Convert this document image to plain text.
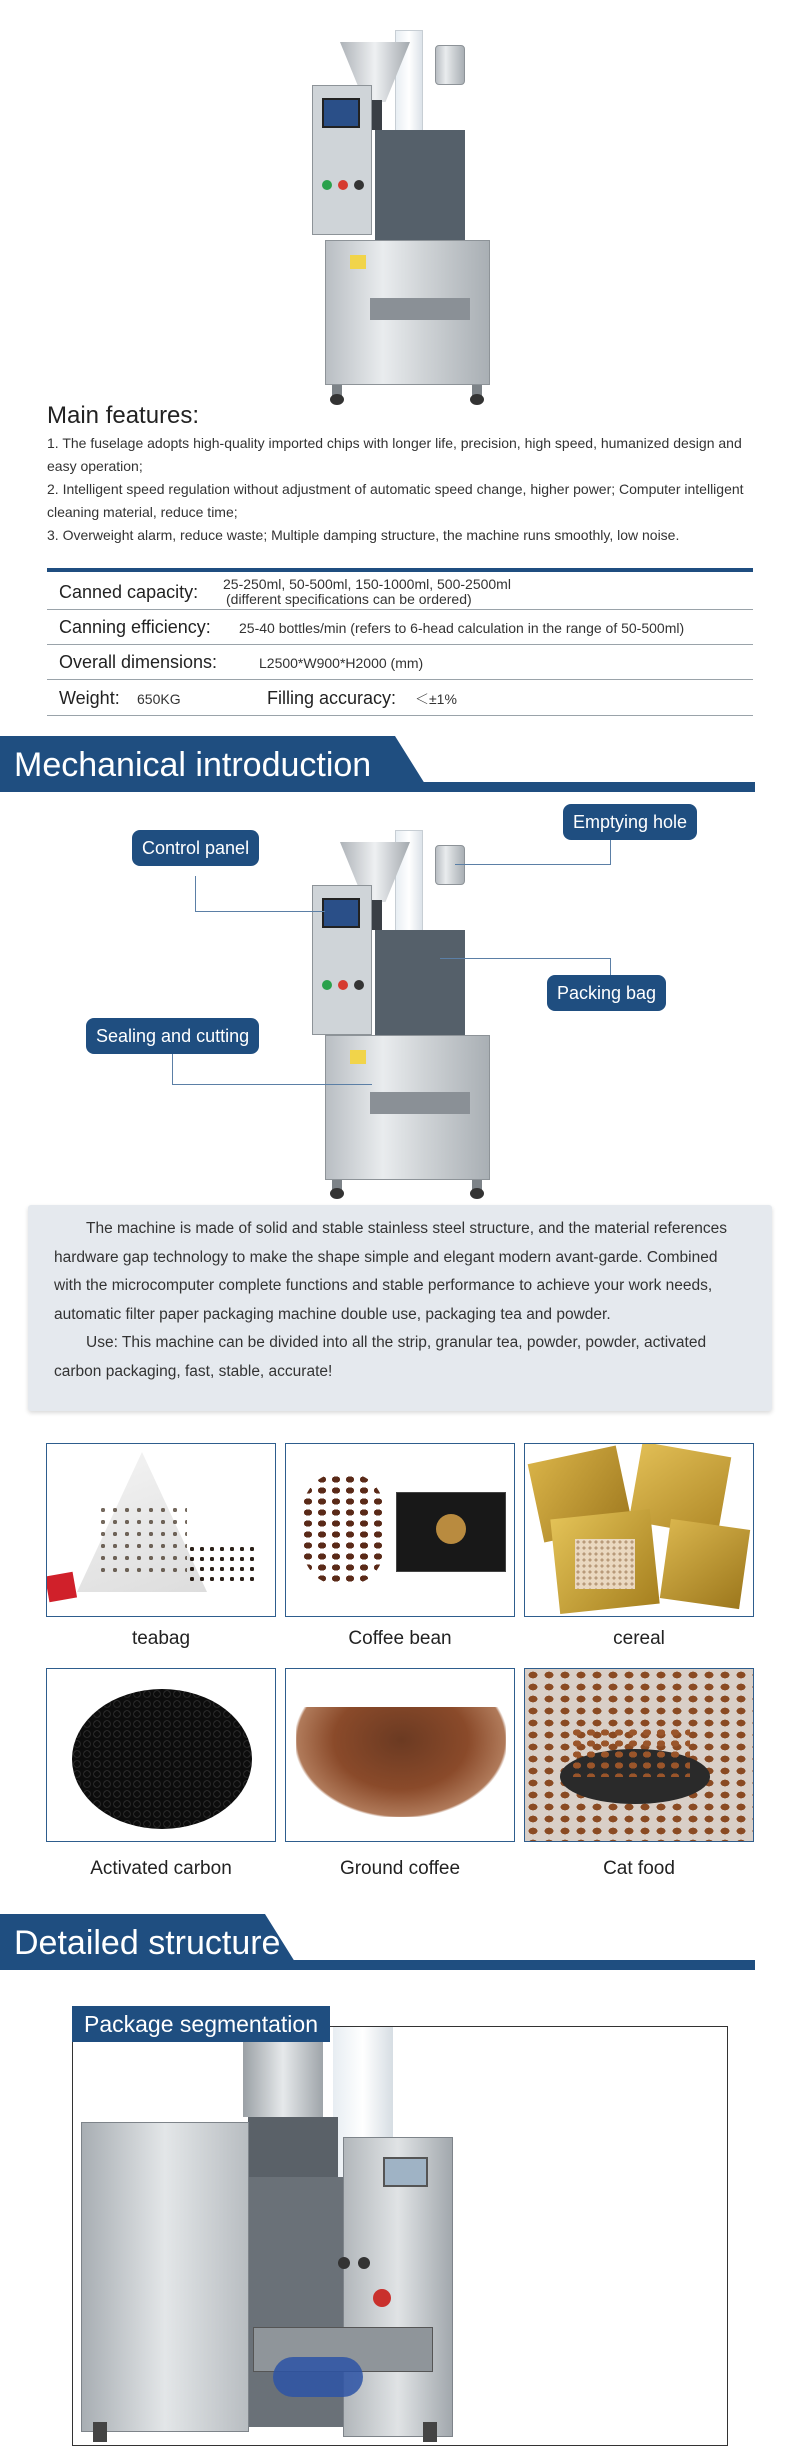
Main features:
1. The fuselage adopts high-quality imported chips with longer life, precision, high speed, humanized design and easy operation;
2. Intelligent speed regulation without adjustment of automatic speed change, higher power; Computer intelligent cleaning material, reduce time;
3. Overweight alarm, reduce waste; Multiple damping structure, the machine runs smoothly, low noise.
Canned capacity: 25-250ml, 50-500ml, 150-1000ml, 500-2500ml
(different specifications can be ordered)
Canning efficiency: 25-40 bottles/min (refers to 6-head calculation in the range of 50-500ml)
Overall dimensions:	L2500*W900*H2000 (mm)
Weight: 650KG	Filling accuracy: ＜±1%
Mechanical introduction
Control panel
Emptying hole
Packing bag
Sealing and cutting

The machine is made of solid and stable stainless steel structure, and the material references hardware gap technology to make the shape simple and elegant modern avant-garde. Combined with the microcomputer complete functions and stable performance to achieve your work needs, automatic filter paper packaging machine double use, packaging tea and powder.

Use: This machine can be divided into all the strip, granular tea, powder, powder, activated carbon packaging, fast, stable, accurate!

teabag	Coffee bean	cereal
Activated carbon	Ground coffee	Cat food
Detailed structure
Package segmentation
